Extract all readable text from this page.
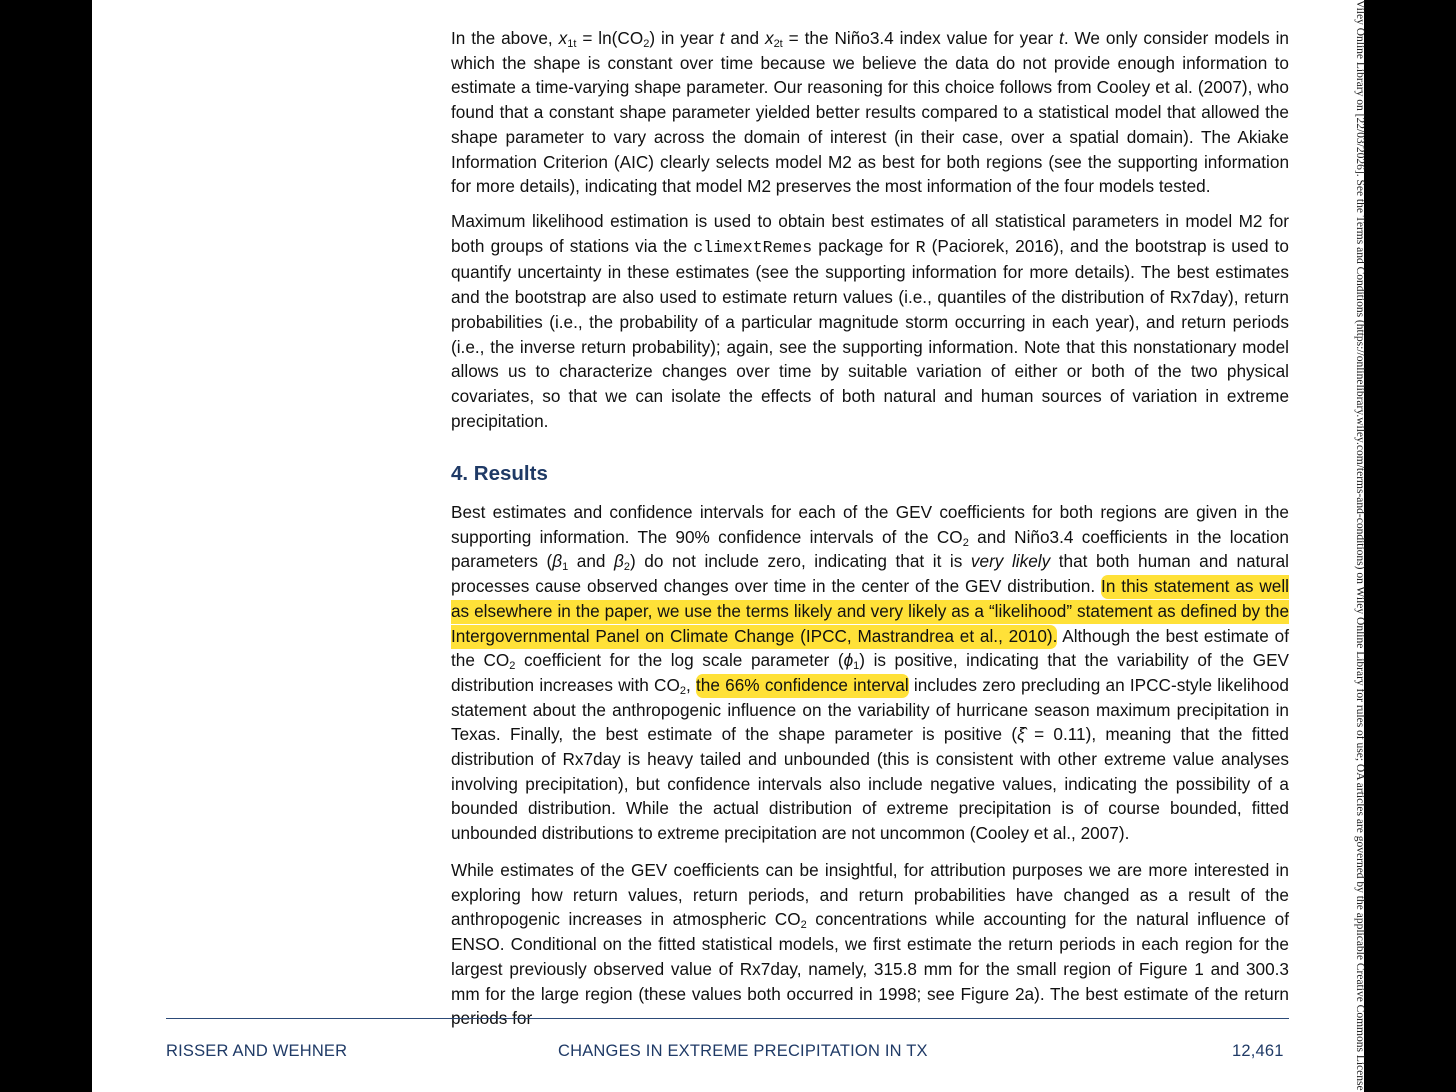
In the above, $x_{1t} = \ln(CO_2)$ in year t and $x_{2t}$ = the Niño3.4 index value for year t. We only consider models in which the shape is constant over time because we believe the data do not provide enough information to estimate a time-varying shape parameter. Our reasoning for this choice follows from Cooley et al. (2007), who found that a constant shape parameter yielded better results compared to a statistical model that allowed the shape parameter to vary across the domain of interest (in their case, over a spatial domain). The Akiake Information Criterion (AIC) clearly selects model M2 as best for both regions (see the supporting information for more details), indicating that model M2 preserves the most information of the four models tested.

Maximum likelihood estimation is used to obtain best estimates of all statistical parameters in model M2 for both groups of stations via the climextRemes package for R (Paciorek, 2016), and the bootstrap is used to quantify uncertainty in these estimates (see the supporting information for more details). The best estimates and the bootstrap are also used to estimate return values (i.e., quantiles of the distribution of Rx7day), return probabilities (i.e., the probability of a particular magnitude storm occurring in each year), and return periods (i.e., the inverse return probability); again, see the supporting information. Note that this nonstationary model allows us to characterize changes over time by suitable variation of either or both of the two physical covariates, so that we can isolate the effects of both natural and human sources of variation in extreme precipitation.

4. Results

Best estimates and confidence intervals for each of the GEV coefficients for both regions are given in the supporting information. The 90% confidence intervals of the $CO_2$ and Niño3.4 coefficients in the location parameters ($\beta_1$ and $\beta_2$) do not include zero, indicating that it is very likely that both human and natural processes cause observed changes over time in the center of the GEV distribution. In this statement as well as elsewhere in the paper, we use the terms likely and very likely as a “likelihood” statement as defined by the Intergovernmental Panel on Climate Change (IPCC, Mastrandrea et al., 2010). Although the best estimate of the $CO_2$ coefficient for the log scale parameter $(\phi_1)$ is positive, indicating that the variability of the GEV distribution increases with $CO_2$, the 66% confidence interval includes zero precluding an IPCC-style likelihood statement about the anthropogenic influence on the variability of hurricane season maximum precipitation in Texas. Finally, the best estimate of the shape parameter is positive (ξ̂ = 0.11), meaning that the fitted distribution of Rx7day is heavy tailed and unbounded (this is consistent with other extreme value analyses involving precipitation), but confidence intervals also include negative values, indicating the possibility of a bounded distribution. While the actual distribution of extreme precipitation is of course bounded, fitted unbounded distributions to extreme precipitation are not uncommon (Cooley et al., 2007).

While estimates of the GEV coefficients can be insightful, for attribution purposes we are more interested in exploring how return values, return periods, and return probabilities have changed as a result of the anthropogenic increases in atmospheric $CO_2$ concentrations while accounting for the natural influence of ENSO. Conditional on the fitted statistical models, we first estimate the return periods in each region for the largest previously observed value of Rx7day, namely, 315.8 mm for the small region of Figure 1 and 300.3 mm for the large region (these values both occurred in 1998; see Figure 2a). The best estimate of the return periods for

RISSER AND WEHNER	CHANGES IN EXTREME PRECIPITATION IN TX	12,461	Viley Online Library on [22/03/2026]. See the Terms and Conditions (https://onlinelibrary.wiley.com/terms-and-conditions) on Wiley Online Library for rules of use; OA articles are governed by the applicable Creative Commons License
